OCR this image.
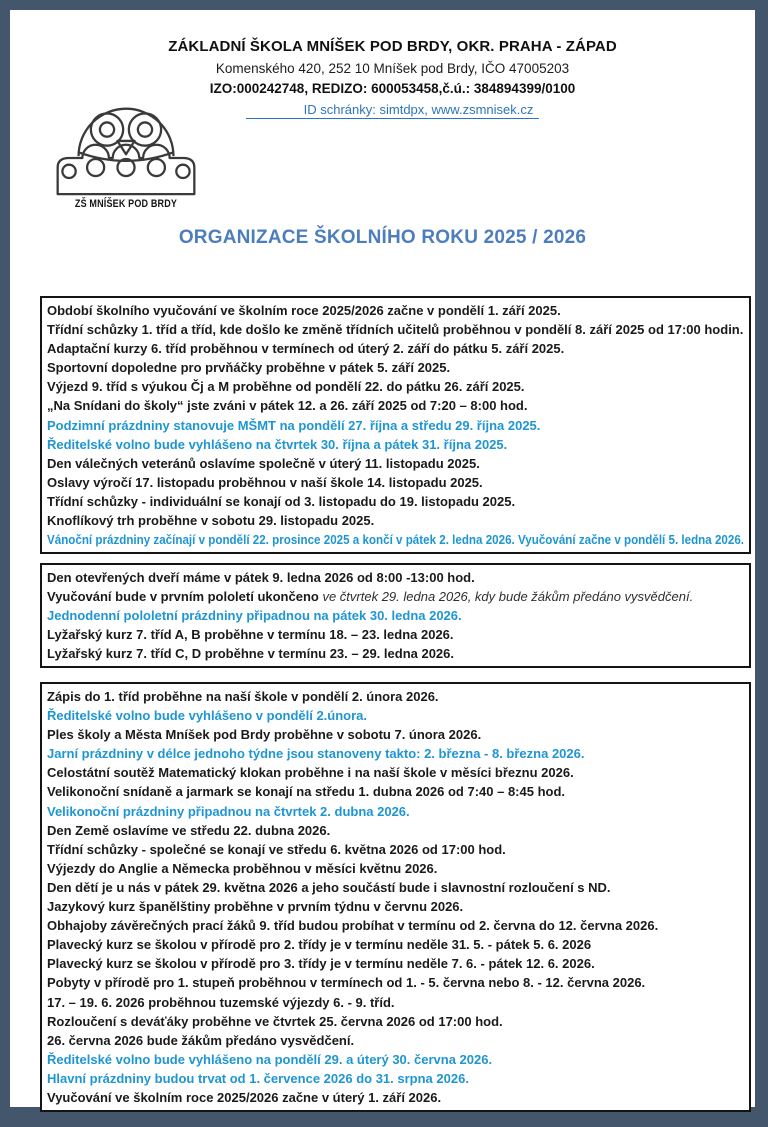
ZÁKLADNÍ ŠKOLA MNÍŠEK POD BRDY, OKR. PRAHA - ZÁPAD
Komenského 420, 252 10 Mníšek pod Brdy, IČO 47005203
IZO:000242748, REDIZO: 600053458,č.ú.: 384894399/0100
ID schránky: simtdpx, www.zsmnisek.cz
ZŠ MNÍŠEK POD BRDY
ORGANIZACE ŠKOLNÍHO ROKU 2025 / 2026
Období školního vyučování ve školním roce 2025/2026 začne v pondělí 1. září 2025.
Třídní schůzky 1. tříd a tříd, kde došlo ke změně třídních učitelů proběhnou v pondělí 8. září 2025 od 17:00 hodin.
Adaptační kurzy 6. tříd proběhnou v termínech od úterý 2. září do pátku 5. září 2025.
Sportovní dopoledne pro prvňáčky proběhne v pátek 5. září 2025.
Výjezd 9. tříd s výukou Čj a M proběhne od pondělí 22. do pátku 26. září 2025.
„Na Snídani do školy“ jste zváni v pátek 12. a 26. září 2025 od 7:20 – 8:00 hod.
Podzimní prázdniny stanovuje MŠMT na pondělí 27. října a středu 29. října 2025.
Ředitelské volno bude vyhlášeno na čtvrtek 30. října a pátek 31. října 2025.
Den válečných veteránů oslavíme společně v úterý 11. listopadu 2025.
Oslavy výročí 17. listopadu proběhnou v naší škole 14. listopadu 2025.
Třídní schůzky - individuální se konají od 3. listopadu do 19. listopadu 2025.
Knoflíkový trh proběhne v sobotu 29. listopadu 2025.
Vánoční prázdniny začínají v pondělí 22. prosince 2025 a končí v pátek 2. ledna 2026. Vyučování začne v pondělí 5. ledna 2026.
Den otevřených dveří máme v pátek 9. ledna 2026 od 8:00 -13:00 hod.
Vyučování bude v prvním pololetí ukončeno ve čtvrtek 29. ledna 2026, kdy bude žákům předáno vysvědčení.
Jednodenní pololetní prázdniny připadnou na pátek 30. ledna 2026.
Lyžařský kurz 7. tříd A, B proběhne v termínu 18. – 23. ledna 2026.
Lyžařský kurz 7. tříd C, D proběhne v termínu 23. – 29. ledna 2026.
Zápis do 1. tříd proběhne na naší škole v pondělí 2. února 2026.
Ředitelské volno bude vyhlášeno v pondělí 2.února.
Ples školy a Města Mníšek pod Brdy proběhne v sobotu 7. února 2026.
Jarní prázdniny v délce jednoho týdne jsou stanoveny takto: 2. března - 8. března 2026.
Celostátní soutěž Matematický klokan proběhne i na naší škole v měsíci březnu 2026.
Velikonoční snídaně a jarmark se konají na středu 1. dubna 2026 od 7:40 – 8:45 hod.
Velikonoční prázdniny připadnou na čtvrtek 2. dubna 2026.
Den Země oslavíme ve středu 22. dubna 2026.
Třídní schůzky - společné se konají ve středu 6. května 2026 od 17:00 hod.
Výjezdy do Anglie a Německa proběhnou v měsíci květnu 2026.
Den dětí je u nás v pátek 29. května 2026 a jeho součástí bude i slavnostní rozloučení s ND.
Jazykový kurz španělštiny proběhne v prvním týdnu v červnu 2026.
Obhajoby závěrečných prací žáků 9. tříd budou probíhat v termínu od 2. června do 12. června 2026.
Plavecký kurz se školou v přírodě pro 2. třídy je v termínu neděle 31. 5. - pátek 5. 6. 2026
Plavecký kurz se školou v přírodě pro 3. třídy je v termínu neděle 7. 6. - pátek 12. 6. 2026.
Pobyty v přírodě pro 1. stupeň proběhnou v termínech od 1. - 5. června nebo 8. - 12. června 2026.
17. – 19. 6. 2026 proběhnou tuzemské výjezdy 6. - 9. tříd.
Rozloučení s deváťáky proběhne ve čtvrtek 25. června 2026 od 17:00 hod.
26. června 2026 bude žákům předáno vysvědčení.
Ředitelské volno bude vyhlášeno na pondělí 29. a úterý 30. června 2026.
Hlavní prázdniny budou trvat od 1. července 2026 do 31. srpna 2026.
Vyučování ve školním roce 2025/2026 začne v úterý 1. září 2026.
